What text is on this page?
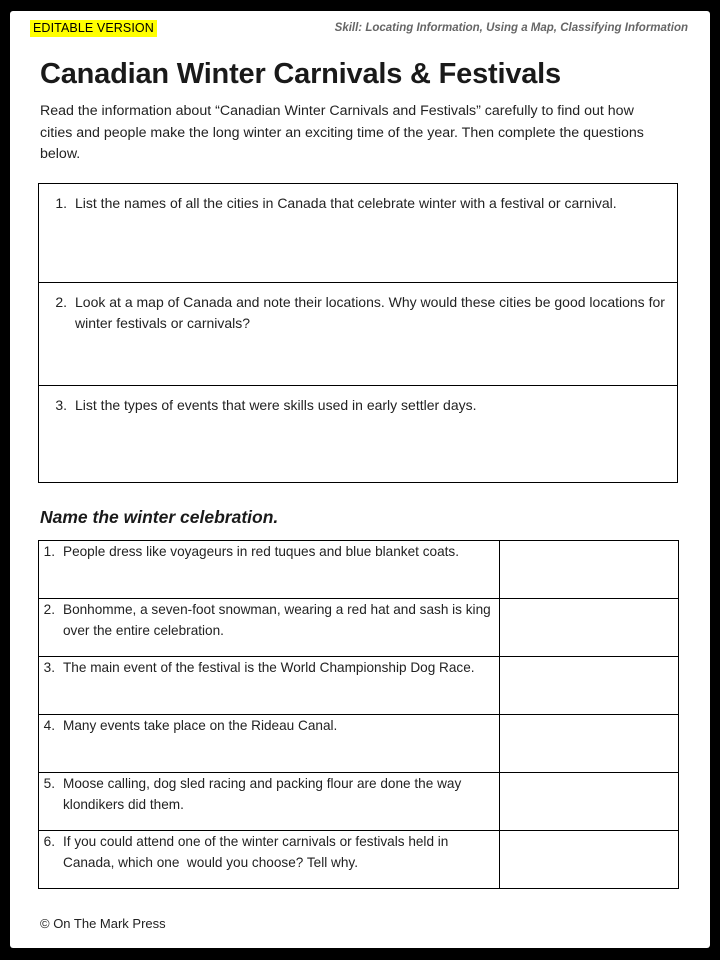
EDITABLE VERSION	Skill: Locating Information, Using a Map, Classifying Information
Canadian Winter Carnivals & Festivals

Read the information about “Canadian Winter Carnivals and Festivals” carefully to find out how cities and people make the long winter an exciting time of the year. Then complete the questions below.

1. List the names of all the cities in Canada that celebrate winter with a festival or carnival.
2. Look at a map of Canada and note their locations. Why would these cities be good locations for winter festivals or carnivals?
3. List the types of events that were skills used in early settler days.
Name the winter celebration.
1. People dress like voyageurs in red tuques and blue blanket coats.	

2. Bonhomme, a seven-foot snowman, wearing a red hat and sash is king over the entire celebration.	

3. The main event of the festival is the World Championship Dog Race.	

4. Many events take place on the Rideau Canal.	

5. Moose calling, dog sled racing and packing flour are done the way klondikers did them.	

6. If you could attend one of the winter carnivals or festivals held in Canada, which one  would you choose? Tell why.	

© On The Mark Press
